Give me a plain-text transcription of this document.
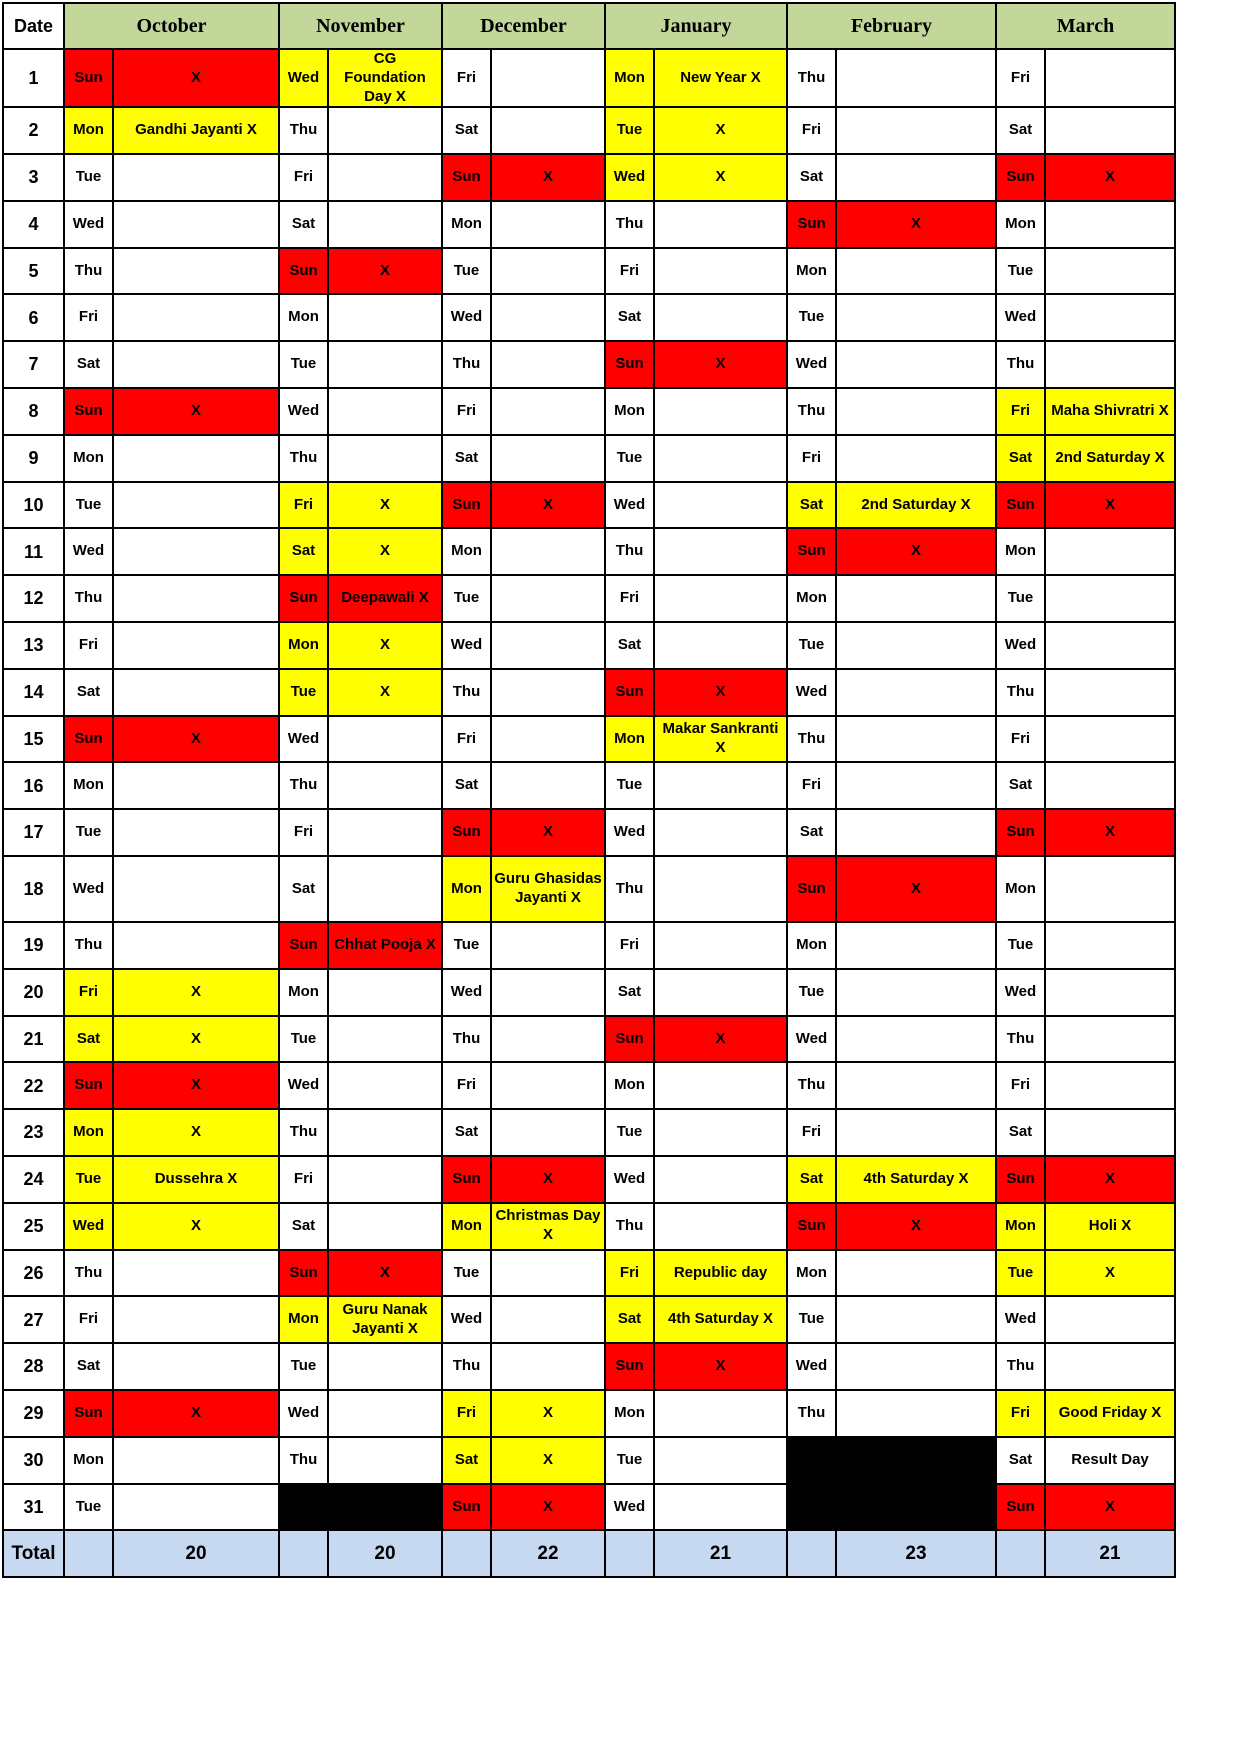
Date	October		November		December		January		February		March	
1	Sun	X	Wed	CG Foundation Day X	Fri		Mon	New Year X	Thu		Fri	
2	Mon	Gandhi Jayanti X	Thu		Sat		Tue	X	Fri		Sat	
3	Tue		Fri		Sun	X	Wed	X	Sat		Sun	X
4	Wed		Sat		Mon		Thu		Sun	X	Mon	
5	Thu		Sun	X	Tue		Fri		Mon		Tue	
6	Fri		Mon		Wed		Sat		Tue		Wed	
7	Sat		Tue		Thu		Sun	X	Wed		Thu	
8	Sun	X	Wed		Fri		Mon		Thu		Fri	Maha Shivratri X
9	Mon		Thu		Sat		Tue		Fri		Sat	2nd Saturday X
10	Tue		Fri	X	Sun	X	Wed		Sat	2nd Saturday X	Sun	X
11	Wed		Sat	X	Mon		Thu		Sun	X	Mon	
12	Thu		Sun	Deepawali X	Tue		Fri		Mon		Tue	
13	Fri		Mon	X	Wed		Sat		Tue		Wed	
14	Sat		Tue	X	Thu		Sun	X	Wed		Thu	
15	Sun	X	Wed		Fri		Mon	Makar Sankranti X	Thu		Fri	
16	Mon		Thu		Sat		Tue		Fri		Sat	
17	Tue		Fri		Sun	X	Wed		Sat		Sun	X
18	Wed		Sat		Mon	Guru Ghasidas Jayanti X	Thu		Sun	X	Mon	
19	Thu		Sun	Chhat Pooja X	Tue		Fri		Mon		Tue	
20	Fri	X	Mon		Wed		Sat		Tue		Wed	
21	Sat	X	Tue		Thu		Sun	X	Wed		Thu	
22	Sun	X	Wed		Fri		Mon		Thu		Fri	
23	Mon	X	Thu		Sat		Tue		Fri		Sat	
24	Tue	Dussehra X	Fri		Sun	X	Wed		Sat	4th Saturday X	Sun	X
25	Wed	X	Sat		Mon	Christmas Day X	Thu		Sun	X	Mon	Holi X
26	Thu		Sun	X	Tue		Fri	Republic day	Mon		Tue	X
27	Fri		Mon	Guru Nanak Jayanti X	Wed		Sat	4th Saturday X	Tue		Wed	
28	Sat		Tue		Thu		Sun	X	Wed		Thu	
29	Sun	X	Wed		Fri	X	Mon		Thu		Fri	Good Friday X
30	Mon		Thu		Sat	X	Tue				Sat	Result Day
31	Tue				Sun	X	Wed				Sun	X
Total		20		20		22		21		23		21
